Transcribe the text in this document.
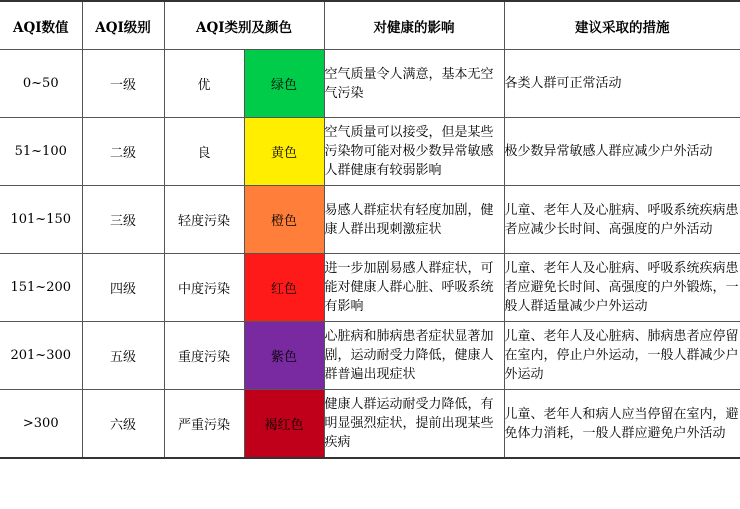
AQI数值	AQI级别	AQI类别及颜色		对健康的影响	建议采取的措施
0~50	一级	优	绿色	空气质量令人满意，基本无空气污染	各类人群可正常活动
51~100	二级	良	黄色	空气质量可以接受，但是某些污染物可能对极少数异常敏感人群健康有较弱影响	极少数异常敏感人群应减少户外活动
101~150	三级	轻度污染	橙色	易感人群症状有轻度加剧，健康人群出现刺激症状	儿童、老年人及心脏病、呼吸系统疾病患者应减少长时间、高强度的户外活动
151~200	四级	中度污染	红色	进一步加剧易感人群症状，可能对健康人群心脏、呼吸系统有影响	儿童、老年人及心脏病、呼吸系统疾病患者应避免长时间、高强度的户外锻炼，一般人群适量减少户外运动
201~300	五级	重度污染	紫色	心脏病和肺病患者症状显著加剧，运动耐受力降低，健康人群普遍出现症状	儿童、老年人及心脏病、肺病患者应停留在室内，停止户外运动，一般人群减少户外运动
>300	六级	严重污染	褐红色	健康人群运动耐受力降低，有明显强烈症状，提前出现某些疾病	儿童、老年人和病人应当停留在室内，避免体力消耗，一般人群应避免户外活动
